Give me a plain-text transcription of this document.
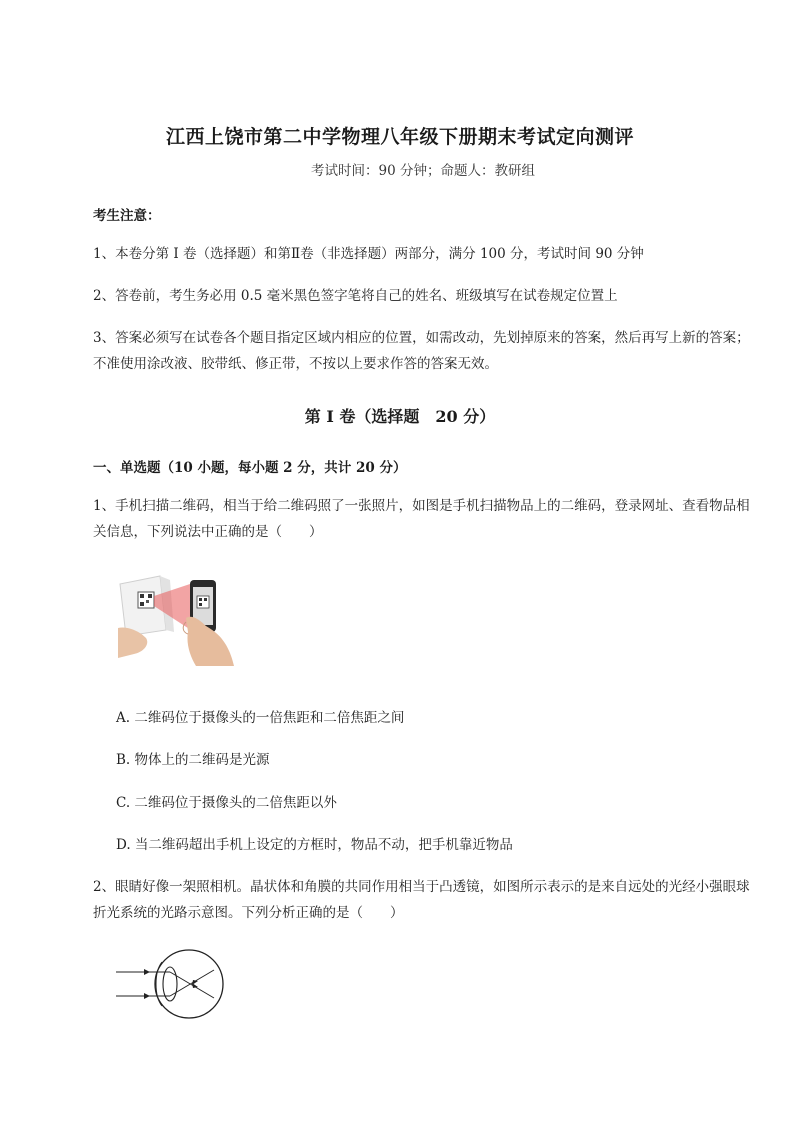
江西上饶市第二中学物理八年级下册期末考试定向测评
考试时间：90 分钟；命题人：教研组
考生注意：
1、本卷分第 I 卷（选择题）和第Ⅱ卷（非选择题）两部分，满分 100 分，考试时间 90 分钟
2、答卷前，考生务必用 0.5 毫米黑色签字笔将自己的姓名、班级填写在试卷规定位置上
3、答案必须写在试卷各个题目指定区域内相应的位置，如需改动，先划掉原来的答案，然后再写上新的答案；不准使用涂改液、胶带纸、修正带，不按以上要求作答的答案无效。
第 I 卷（选择题　20 分）
一、单选题（10 小题，每小题 2 分，共计 20 分）
1、手机扫描二维码，相当于给二维码照了一张照片，如图是手机扫描物品上的二维码，登录网址、查看物品相关信息，下列说法中正确的是（　　）
A. 二维码位于摄像头的一倍焦距和二倍焦距之间
B. 物体上的二维码是光源
C. 二维码位于摄像头的二倍焦距以外
D. 当二维码超出手机上设定的方框时，物品不动，把手机靠近物品
2、眼睛好像一架照相机。晶状体和角膜的共同作用相当于凸透镜，如图所示表示的是来自远处的光经小强眼球折光系统的光路示意图。下列分析正确的是（　　）
